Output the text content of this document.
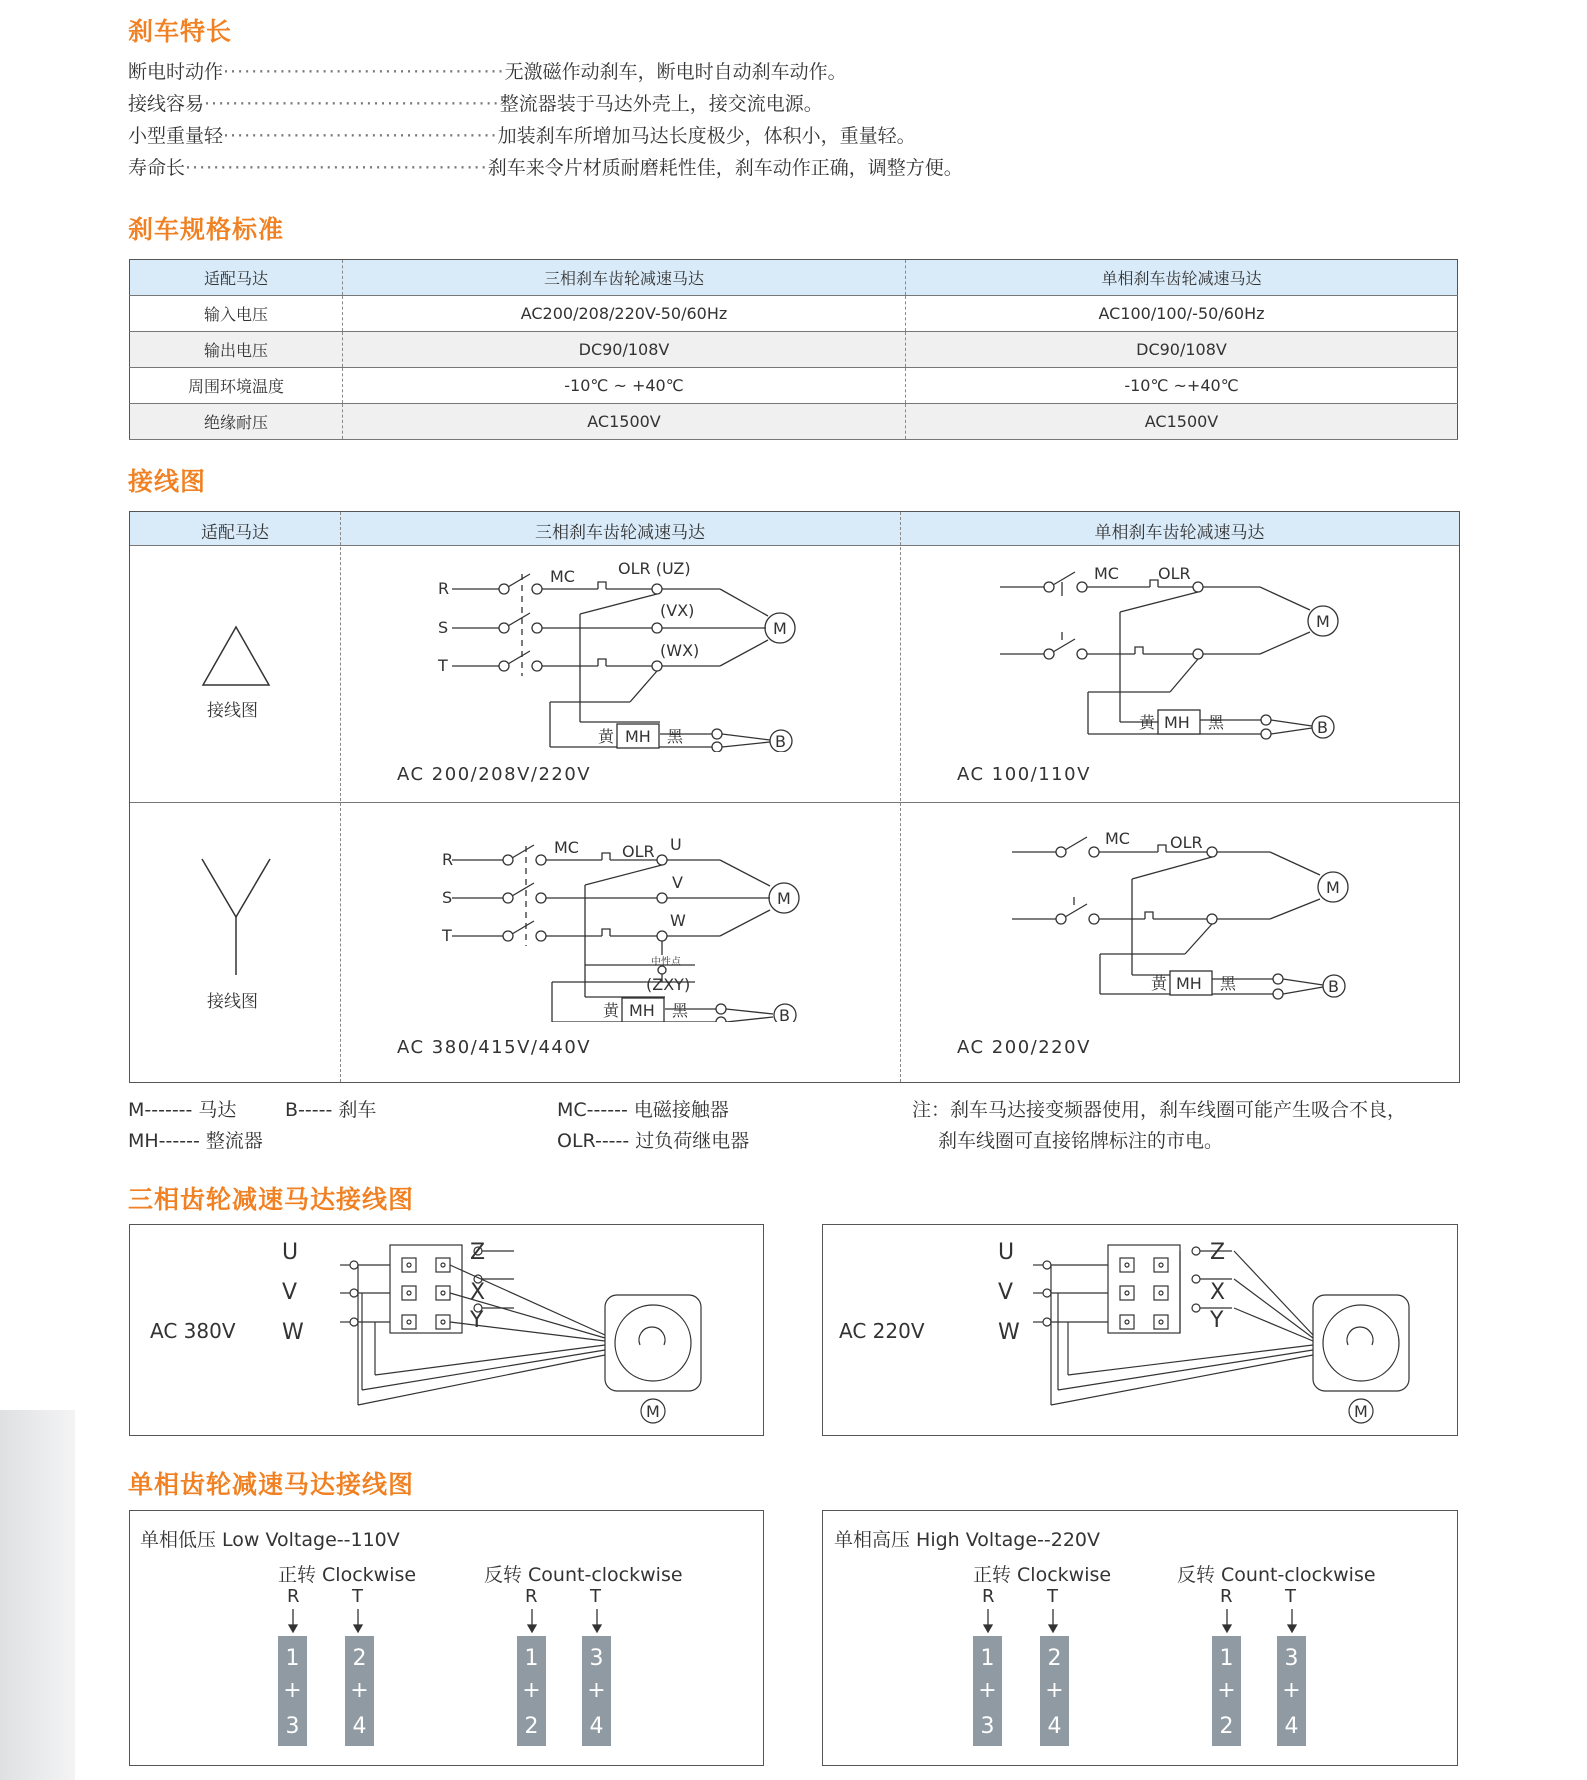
刹车特长
断电时动作········································无激磁作动刹车，断电时自动刹车动作。
接线容易··········································整流器装于马达外壳上，接交流电源。
小型重量轻·······································加装刹车所增加马达长度极少，体积小，重量轻。
寿命长···········································刹车来令片材质耐磨耗性佳，刹车动作正确，调整方便。
刹车规格标准
适配马达	三相刹车齿轮减速马达	单相刹车齿轮减速马达
输入电压	AC200/208/220V-50/60Hz	AC100/100/-50/60Hz
输出电压	DC90/108V	DC90/108V
周围环境温度	-10℃ ~ +40℃	-10℃ ~+40℃
绝缘耐压	AC1500V	AC1500V
接线图
适配马达	三相刹车齿轮减速马达	单相刹车齿轮减速马达
接线图
接线图
R
S
T
MC	OLR (UZ)
(VX)
(WX)
M
B
黄 MH 黑
AC 200/208V/220V
MC OLR
M
B
黄 MH 黑
AC 100/110V
R
S
T
MC	OLR U
V
W
中性点
(ZXY)
M
B
黄 MH 黑
AC 380/415V/440V
MC	OLR
M
B
黄 MH 黑
AC 200/220V
M------- 马达	B----- 刹车
MH------ 整流器
MC------ 电磁接触器
OLR----- 过负荷继电器
注：刹车马达接变频器使用，刹车线圈可能产生吸合不良，
刹车线圈可直接铭牌标注的市电。
三相齿轮减速马达接线图
AC 380V
U
V
W
Z
X
Y
M
AC 220V
U
V
W
Z
X
Y
M
单相齿轮减速马达接线图
单相低压 Low Voltage--110V
正转 Clockwise	反转 Count-clockwise
R	T	R	T
1
+
3
2
+
4
1
+
2
3
+
4
单相高压 High Voltage--220V
正转 Clockwise	反转 Count-clockwise
R	T	R	T
1
+
3
2
+
4
1
+
2
3
+
4
